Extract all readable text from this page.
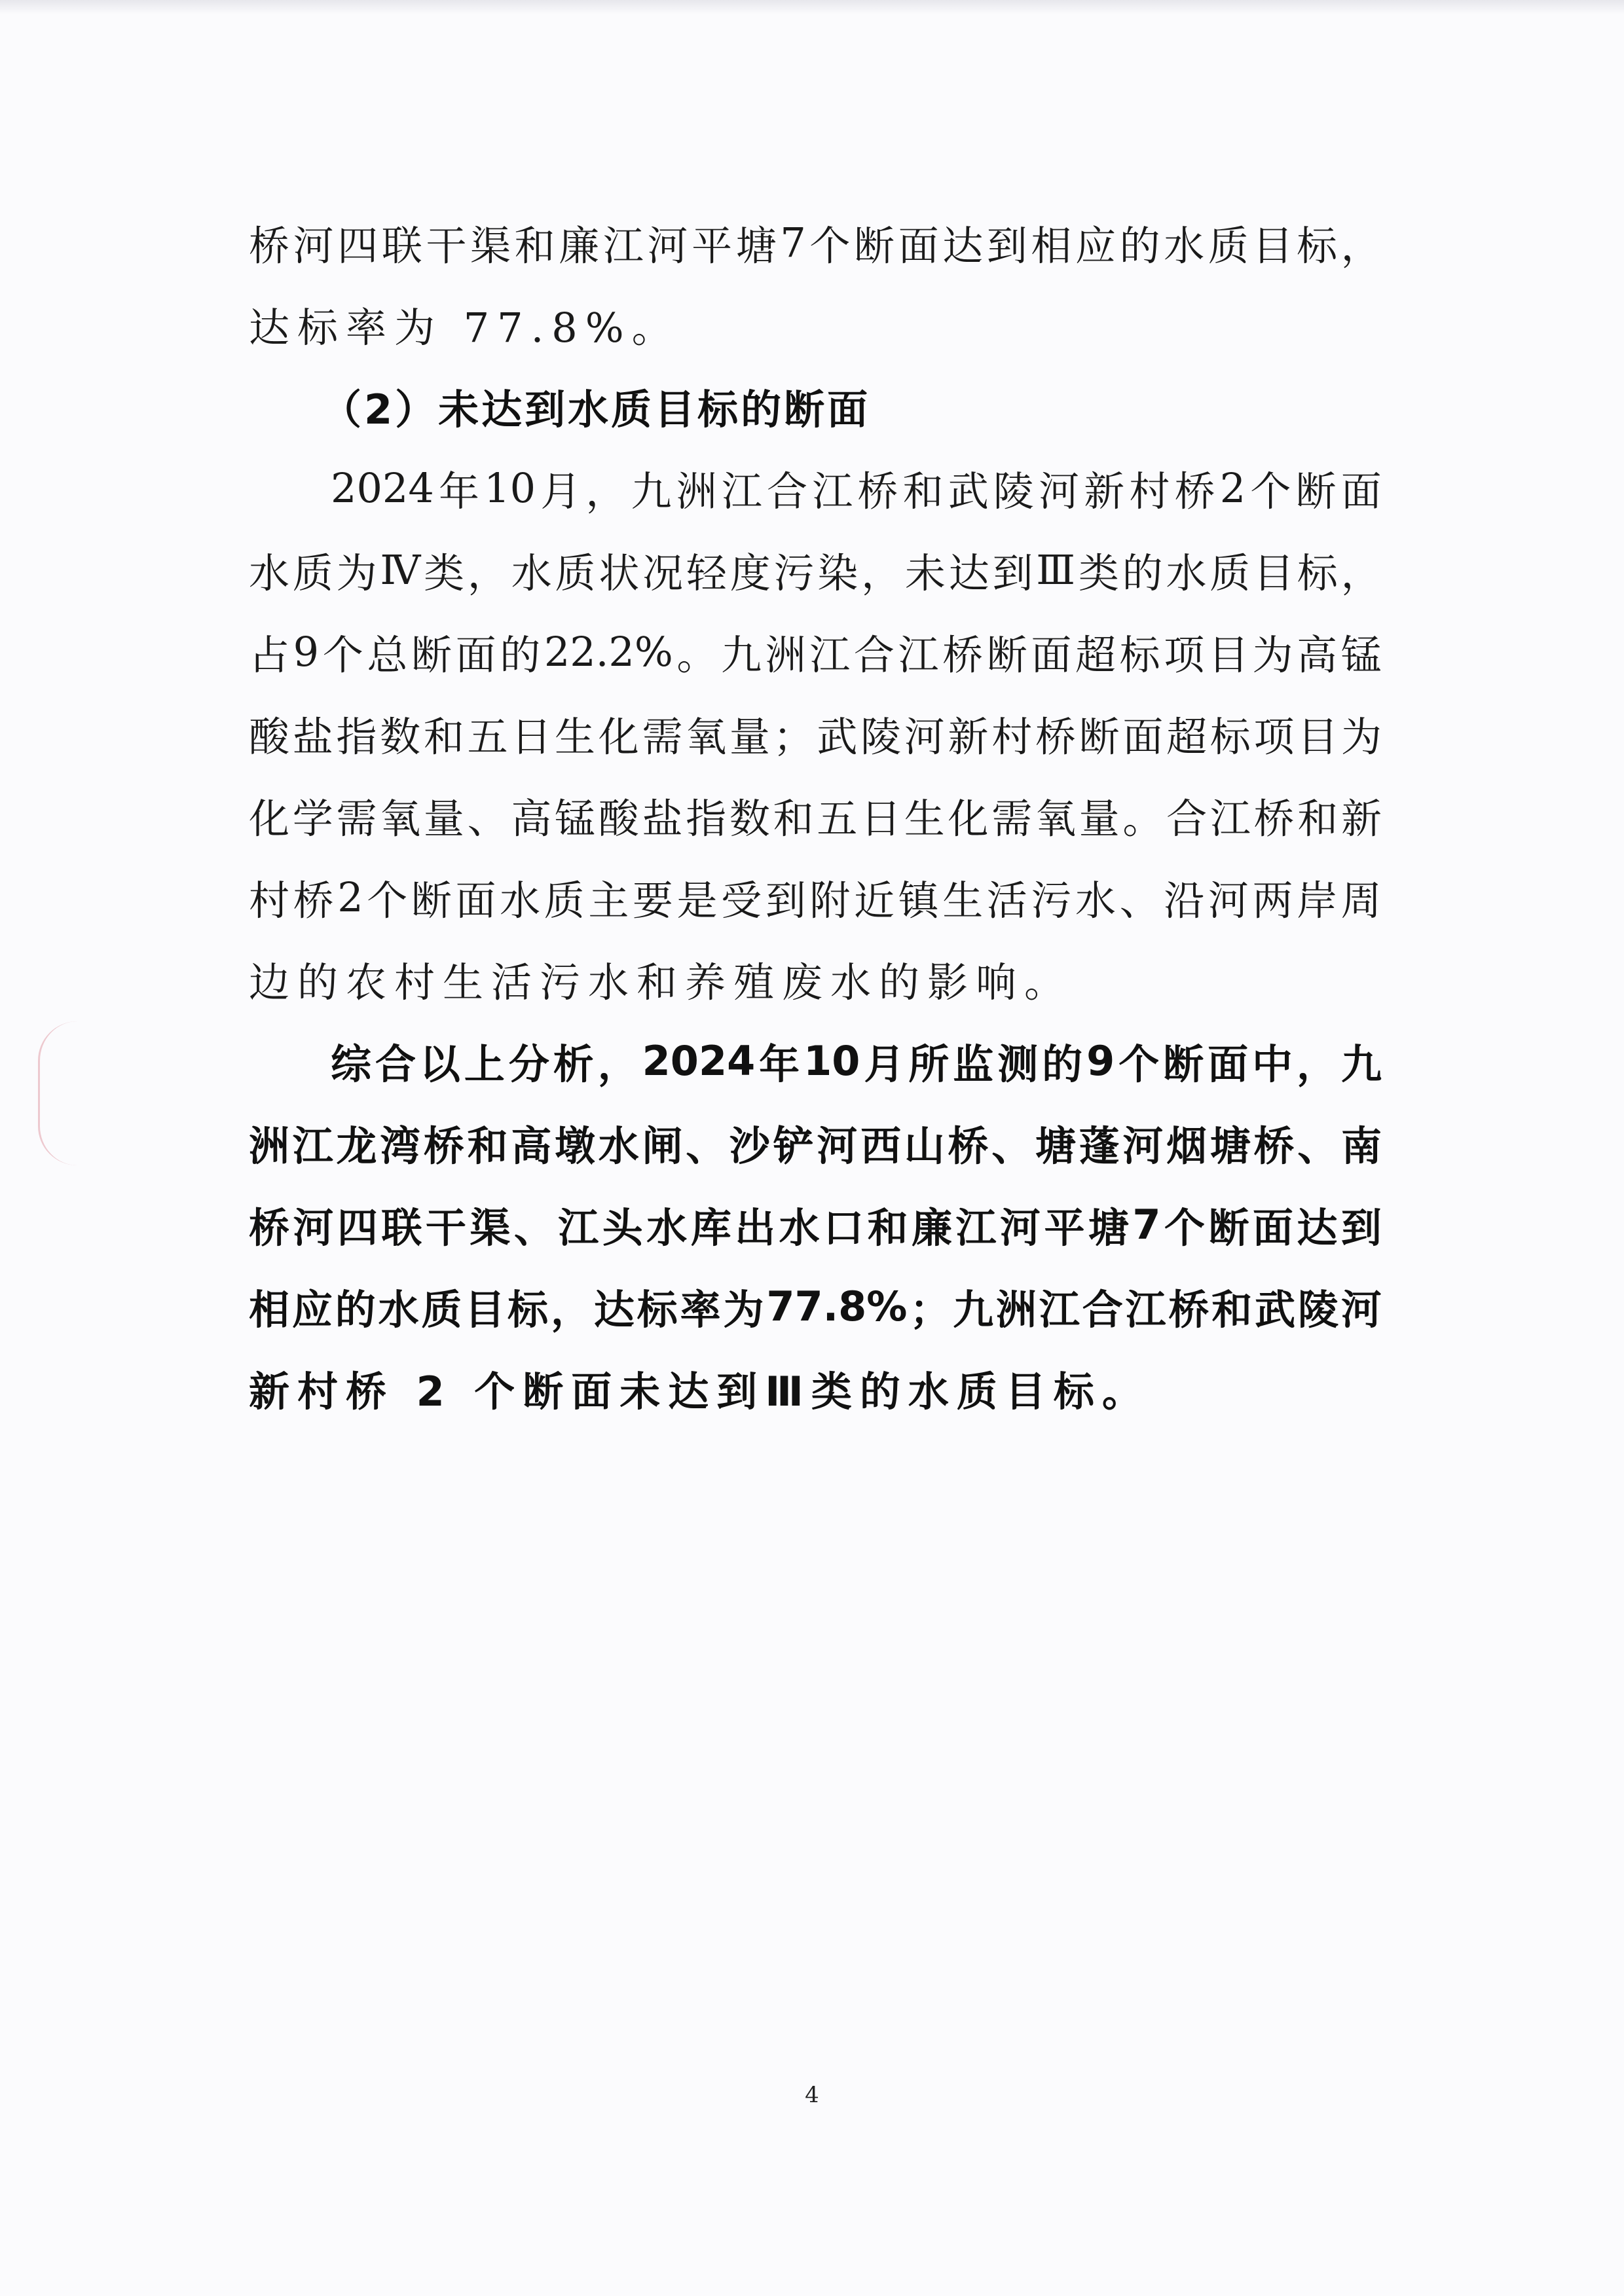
桥 河 四 联 干 渠 和 廉 江 河 平 塘 7 个 断 面 达 到 相 应 的 水 质 目 标 ，
达标率为 77.8%。
（2）未达到水质目标的断面
2024 年 10 月 ， 九 洲 江 合 江 桥 和 武 陵 河 新 村 桥 2 个 断 面
水 质 为 Ⅳ 类 ， 水 质 状 况 轻 度 污 染 ， 未 达 到 Ⅲ 类 的 水 质 目 标 ，
占 9 个 总 断 面 的 22.2% 。 九 洲 江 合 江 桥 断 面 超 标 项 目 为 高 锰
酸 盐 指 数 和 五 日 生 化 需 氧 量 ； 武 陵 河 新 村 桥 断 面 超 标 项 目 为
化 学 需 氧 量 、 高 锰 酸 盐 指 数 和 五 日 生 化 需 氧 量 。 合 江 桥 和 新
村 桥 2 个 断 面 水 质 主 要 是 受 到 附 近 镇 生 活 污 水 、 沿 河 两 岸 周
边的农村生活污水和养殖废水的影响。
综 合 以 上 分 析 ， 2024 年 10 月 所 监 测 的 9 个 断 面 中 ， 九
洲 江 龙 湾 桥 和 高 墩 水 闸 、 沙 铲 河 西 山 桥 、 塘 蓬 河 烟 塘 桥 、 南
桥 河 四 联 干 渠 、 江 头 水 库 出 水 口 和 廉 江 河 平 塘 7 个 断 面 达 到
相 应 的 水 质 目 标 ， 达 标 率 为 77.8% ； 九 洲 江 合 江 桥 和 武 陵 河
新村桥 2 个断面未达到Ⅲ类的水质目标。
4
